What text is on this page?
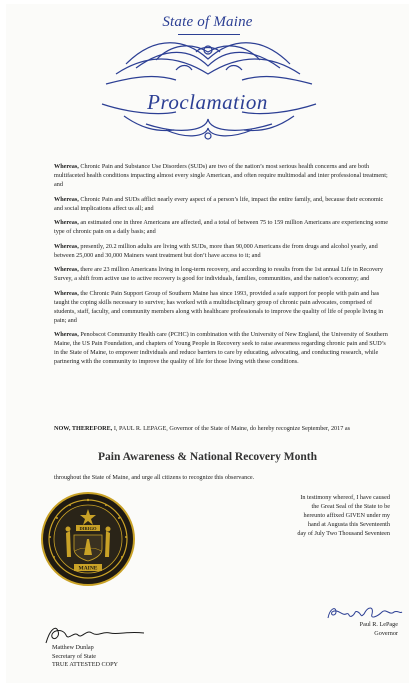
State of Maine
Proclamation

Whereas, Chronic Pain and Substance Use Disorders (SUDs) are two of the nation’s most serious health concerns and are both multifaceted health conditions impacting almost every single American, and often require multimodal and inter professional treatment; and

Whereas, Chronic Pain and SUDs afflict nearly every aspect of a person’s life, impact the entire family, and, because their economic and social implications affect us all; and

Whereas, an estimated one in three Americans are affected, and a total of between 75 to 159 million Americans are experiencing some type of chronic pain on a daily basis; and

Whereas, presently, 20.2 million adults are living with SUDs, more than 90,000 Americans die from drugs and alcohol yearly, and between 25,000 and 30,000 Mainers want treatment but don’t have access to it; and

Whereas, there are 23 million Americans living in long-term recovery, and according to results from the 1st annual Life in Recovery Survey, a shift from active use to active recovery is good for individuals, families, communities, and the nation’s economy; and

Whereas, the Chronic Pain Support Group of Southern Maine has since 1993, provided a safe support for people with pain and has taught the coping skills necessary to survive; has worked with a multidisciplinary group of chronic pain advocates, comprised of students, staff, faculty, and community members along with healthcare professionals to improve the quality of life of people living in pain; and

Whereas, Penobscot Community Health care (PCHC) in combination with the University of New England, the University of Southern Maine, the US Pain Foundation, and chapters of Young People in Recovery seek to raise awareness regarding chronic pain and SUD’s in the State of Maine, to empower individuals and reduce barriers to care by educating, advocating, and conducting research, while partnering with the community to improve the quality of life for those living with these conditions.

NOW, THEREFORE, I, PAUL R. LEPAGE, Governor of the State of Maine, do hereby recognize September, 2017 as

Pain Awareness & National Recovery Month
throughout the State of Maine, and urge all citizens to recognize this observance.
In testimony whereof, I have caused
the Great Seal of the State to be
hereunto affixed GIVEN under my
hand at Augusta this Seventeenth
day of July Two Thousand Seventeen
DIRIGO
MAINE
Paul R. LePage
Governor
Matthew Dunlap
Secretary of State
TRUE ATTESTED COPY
